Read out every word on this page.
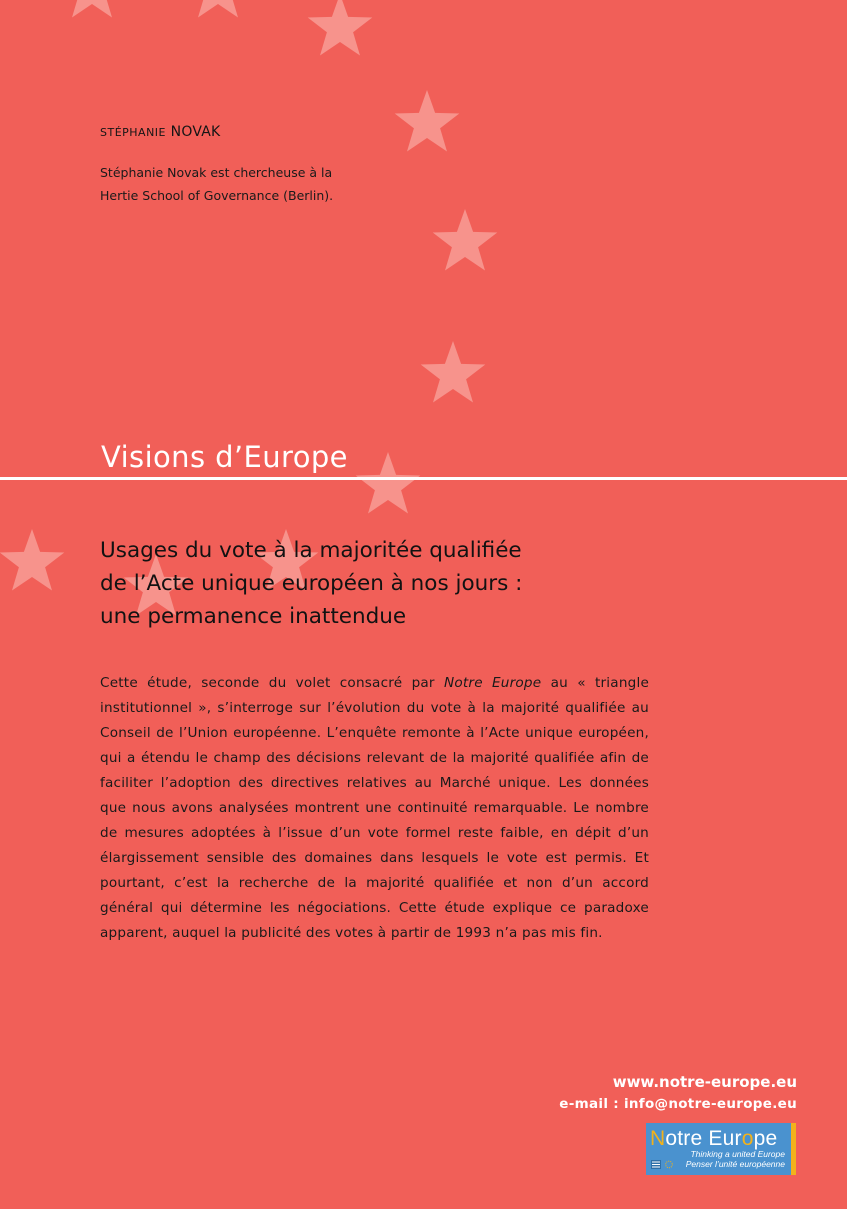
STÉPHANIE NOVAK
Stéphanie Novak est chercheuse à la
Hertie School of Governance (Berlin).
Visions d’Europe
Usages du vote à la majoritée qualifiée
de l’Acte unique européen à nos jours :
une permanence inattendue
Cette étude, seconde du volet consacré par Notre Europe au « triangle institutionnel », s’interroge sur l’évolution du vote à la majorité qualifiée au Conseil de l’Union européenne. L’enquête remonte à l’Acte unique européen, qui a étendu le champ des décisions relevant de la majorité qualifiée afin de faciliter l’adoption des directives relatives au Marché unique. Les données que nous avons analysées montrent une continuité remarquable. Le nombre de mesures adoptées à l’issue d’un vote formel reste faible, en dépit d’un élargissement sensible des domaines dans lesquels le vote est permis. Et pourtant, c’est la recherche de la majorité qualifiée et non d’un accord général qui détermine les négociations. Cette étude explique ce paradoxe apparent, auquel la publicité des votes à partir de 1993 n’a pas mis fin.
www.notre-europe.eu
e-mail : info@notre-europe.eu
Notre Europe
Thinking a united Europe
Penser l’unité européenne
